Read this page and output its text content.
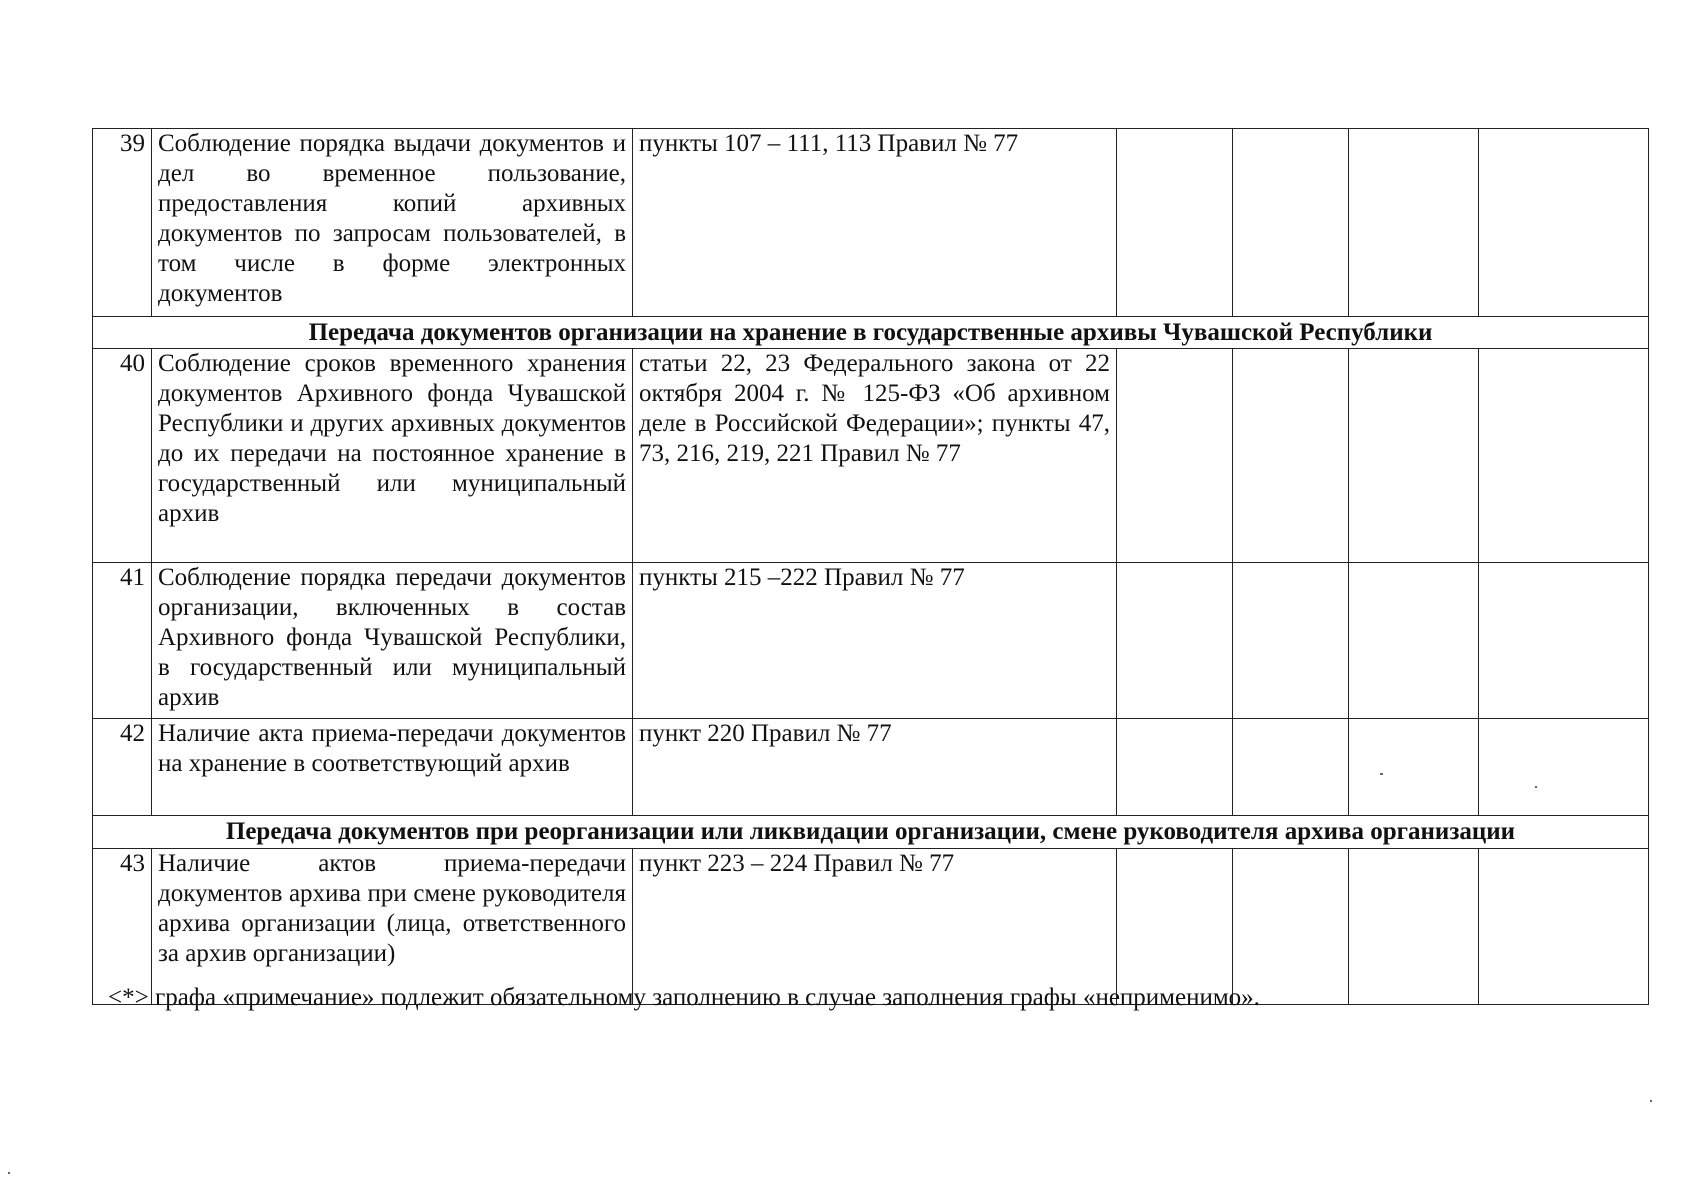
39	Соблюдение порядка выдачи документов и дел во временное пользование, предоставления копий архивных документов по запросам пользователей, в том числе в форме электронных документов	пункты 107 – 111, 113 Правил № 77				
Передача документов организации на хранение в государственные архивы Чувашской Республики						
40	Соблюдение сроков временного хранения документов Архивного фонда Чувашской Республики и других архивных документов до их передачи на постоянное хранение в государственный или муниципальный архив	статьи 22, 23 Федерального закона от 22 октября 2004 г. № 125-ФЗ «Об архивном деле в Российской Федерации»; пункты 47, 73, 216, 219, 221 Правил № 77				
41	Соблюдение порядка передачи документов организации, включенных в состав Архивного фонда Чувашской Республики, в государственный или муниципальный архив	пункты 215 –222 Правил № 77				
42	Наличие акта приема-передачи документов на хранение в соответствующий архив	пункт 220 Правил № 77				
Передача документов при реорганизации или ликвидации организации, смене руководителя архива организации						
43	Наличие актов приема-передачи документов архива при смене руководителя архива организации (лица, ответственного за архив организации)	пункт 223 – 224 Правил № 77				
<*> графа «примечание» подлежит обязательному заполнению в случае заполнения графы «неприменимо».
